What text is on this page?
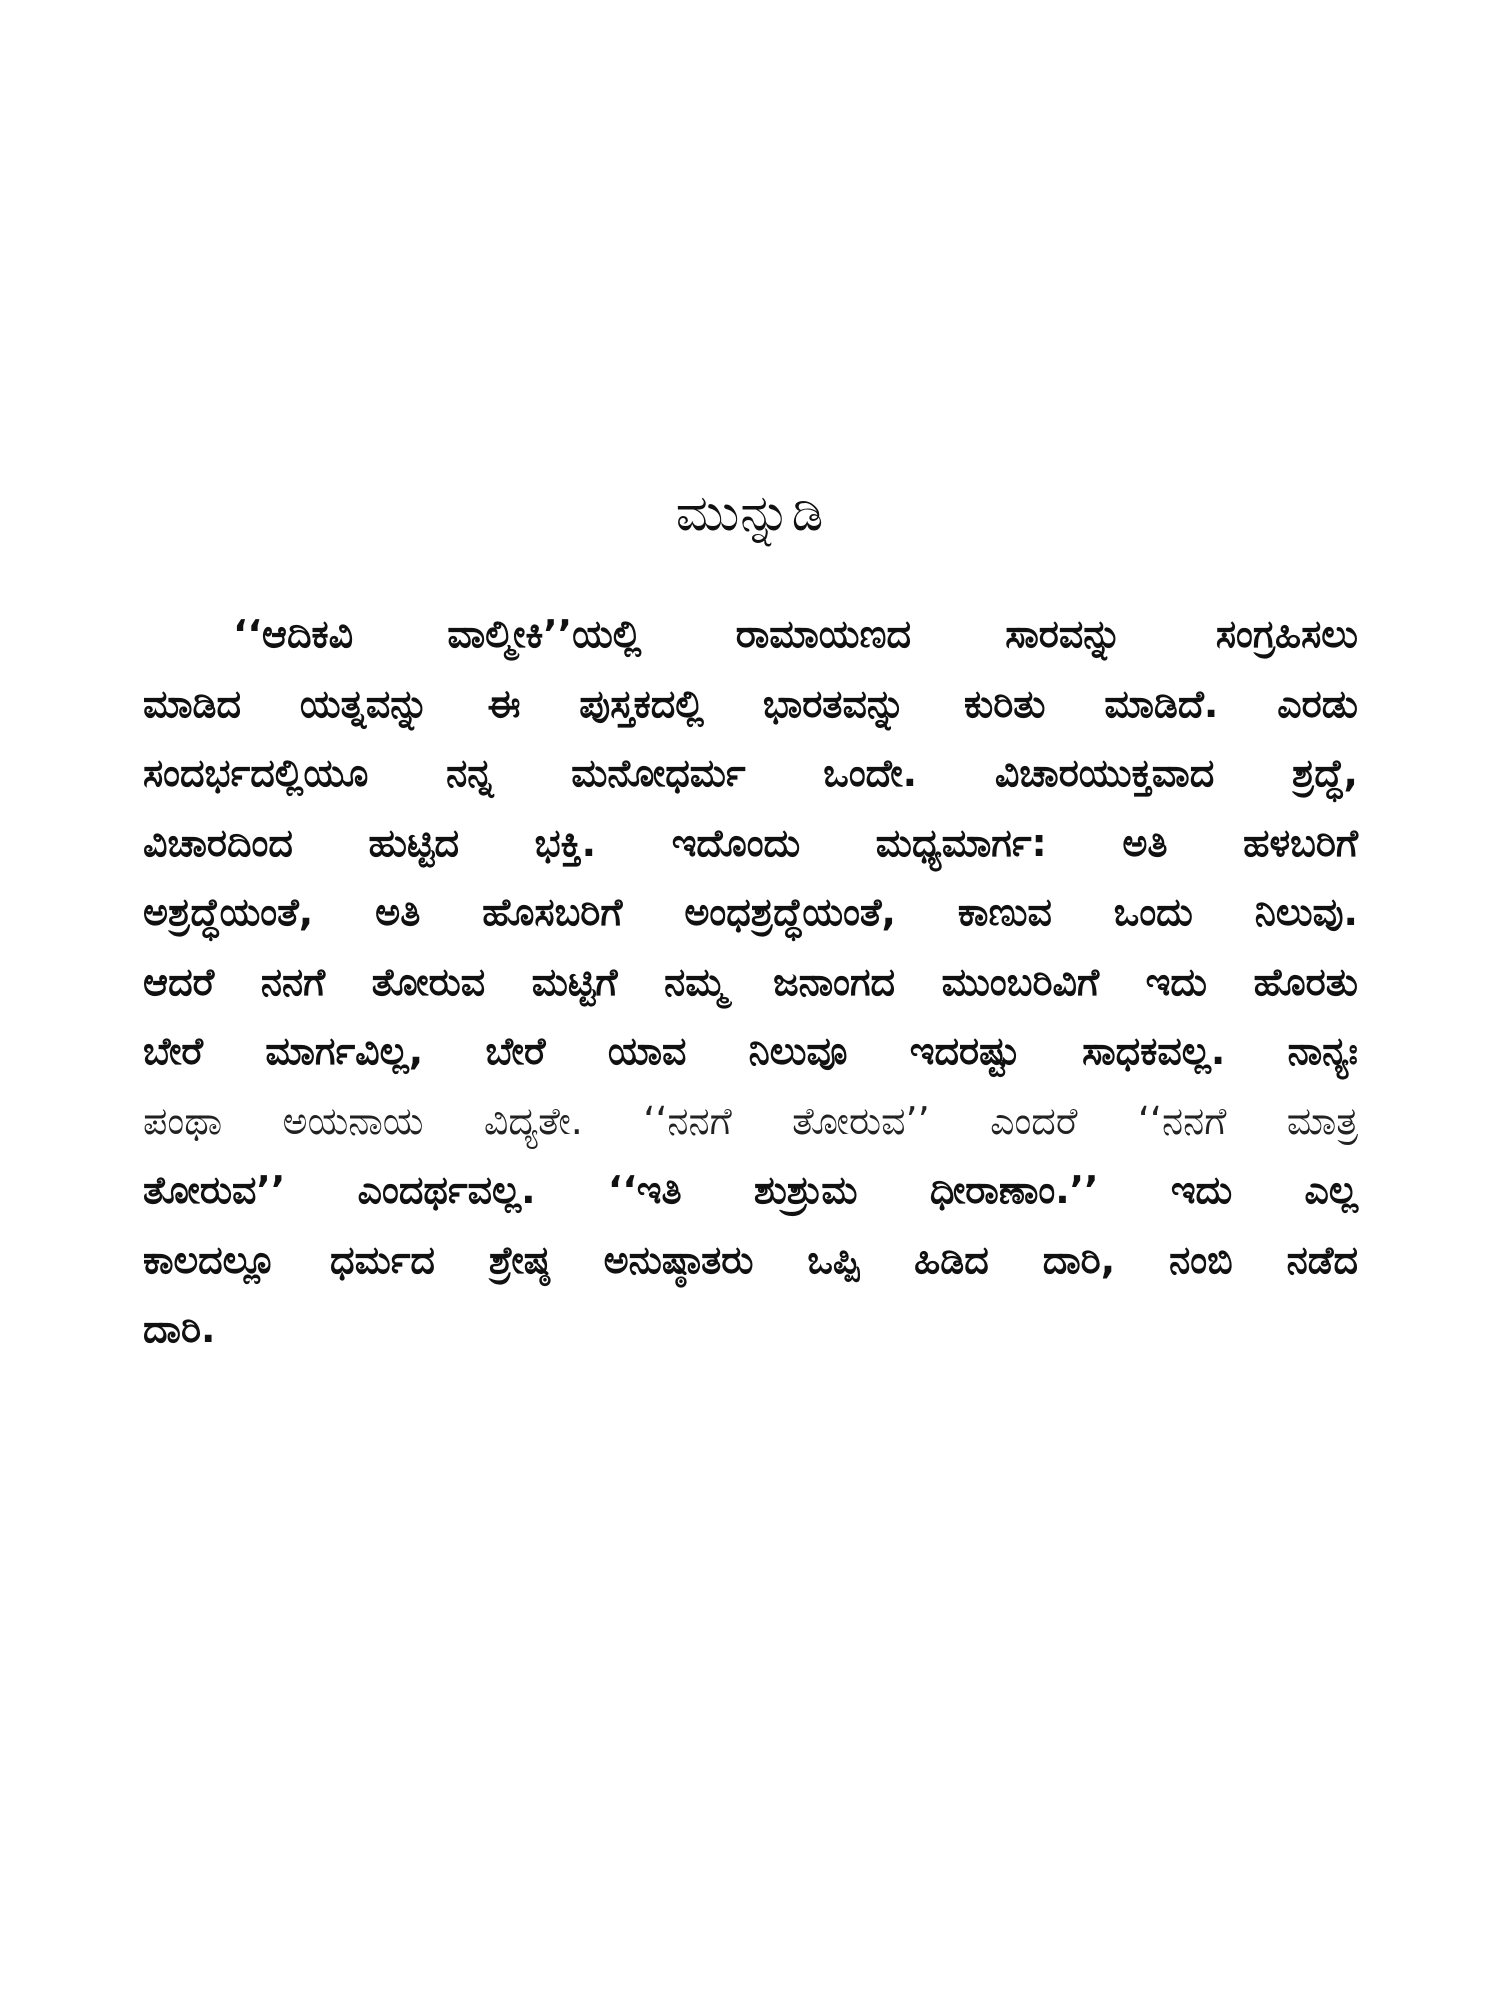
ಮುನ್ನುಡಿ
‘‘ಆದಿಕವಿ ವಾಲ್ಮೀಕಿ’’ಯಲ್ಲಿ ರಾಮಾಯಣದ ಸಾರವನ್ನು ಸಂಗ್ರಹಿಸಲು
ಮಾಡಿದ ಯತ್ನವನ್ನು ಈ ಪುಸ್ತಕದಲ್ಲಿ ಭಾರತವನ್ನು ಕುರಿತು ಮಾಡಿದೆ. ಎರಡು
ಸಂದರ್ಭದಲ್ಲಿಯೂ ನನ್ನ ಮನೋಧರ್ಮ ಒಂದೇ. ವಿಚಾರಯುಕ್ತವಾದ ಶ್ರದ್ಧೆ,
ವಿಚಾರದಿಂದ ಹುಟ್ಟಿದ ಭಕ್ತಿ. ಇದೊಂದು ಮಧ್ಯಮಾರ್ಗ: ಅತಿ ಹಳಬರಿಗೆ
ಅಶ್ರದ್ಧೆಯಂತೆ, ಅತಿ ಹೊಸಬರಿಗೆ ಅಂಧಶ್ರದ್ಧೆಯಂತೆ, ಕಾಣುವ ಒಂದು ನಿಲುವು.
ಆದರೆ ನನಗೆ ತೋರುವ ಮಟ್ಟಿಗೆ ನಮ್ಮ ಜನಾಂಗದ ಮುಂಬರಿವಿಗೆ ಇದು ಹೊರತು
ಬೇರೆ ಮಾರ್ಗವಿಲ್ಲ, ಬೇರೆ ಯಾವ ನಿಲುವೂ ಇದರಷ್ಟು ಸಾಧಕವಲ್ಲ. ನಾನ್ಯಃ
ಪಂಥಾ ಅಯನಾಯ ವಿದ್ಯತೇ. ‘‘ನನಗೆ ತೋರುವ’’ ಎಂದರೆ ‘‘ನನಗೆ ಮಾತ್ರ
ತೋರುವ’’ ಎಂದರ್ಥವಲ್ಲ. ‘‘ಇತಿ ಶುಶ್ರುಮ ಧೀರಾಣಾಂ.’’ ಇದು ಎಲ್ಲ
ಕಾಲದಲ್ಲೂ ಧರ್ಮದ ಶ್ರೇಷ್ಠ ಅನುಷ್ಠಾತರು ಒಪ್ಪಿ ಹಿಡಿದ ದಾರಿ, ನಂಬಿ ನಡೆದ
ದಾರಿ.
